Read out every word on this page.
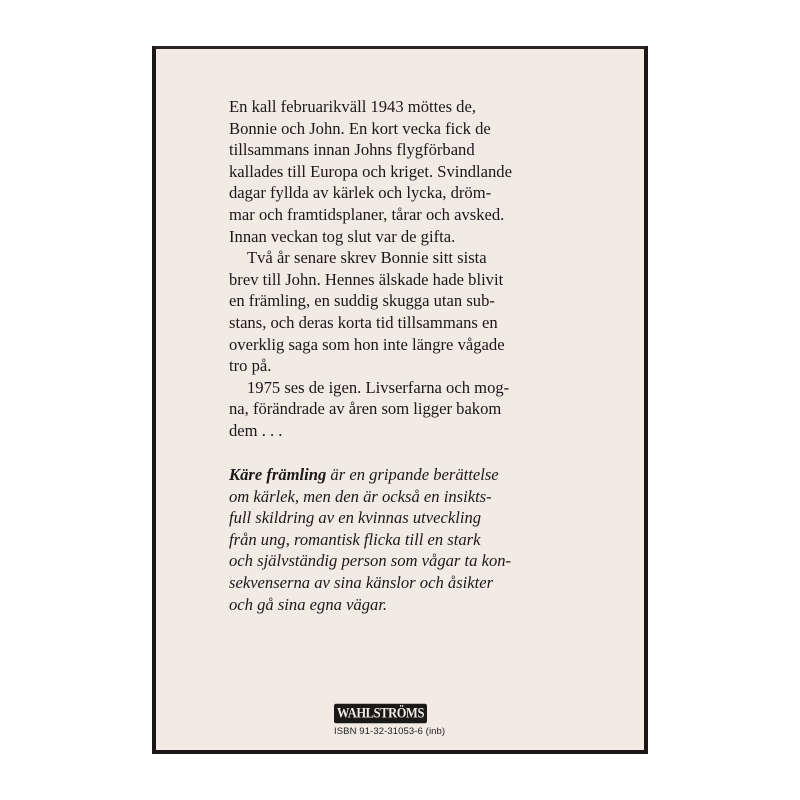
En kall februarikväll 1943 möttes de,
Bonnie och John. En kort vecka fick de
tillsammans innan Johns flygförband
kallades till Europa och kriget. Svindlande
dagar fyllda av kärlek och lycka, dröm-
mar och framtidsplaner, tårar och avsked.
Innan veckan tog slut var de gifta.

Två år senare skrev Bonnie sitt sista
brev till John. Hennes älskade hade blivit
en främling, en suddig skugga utan sub-
stans, och deras korta tid tillsammans en
overklig saga som hon inte längre vågade
tro på.

1975 ses de igen. Livserfarna och mog-
na, förändrade av åren som ligger bakom
dem . . .

Käre främling är en gripande berättelse
om kärlek, men den är också en insikts-
full skildring av en kvinnas utveckling
från ung, romantisk flicka till en stark
och självständig person som vågar ta kon-
sekvenserna av sina känslor och åsikter
och gå sina egna vägar.

WAHLSTRÖMS
ISBN 91-32-31053-6 (inb)
